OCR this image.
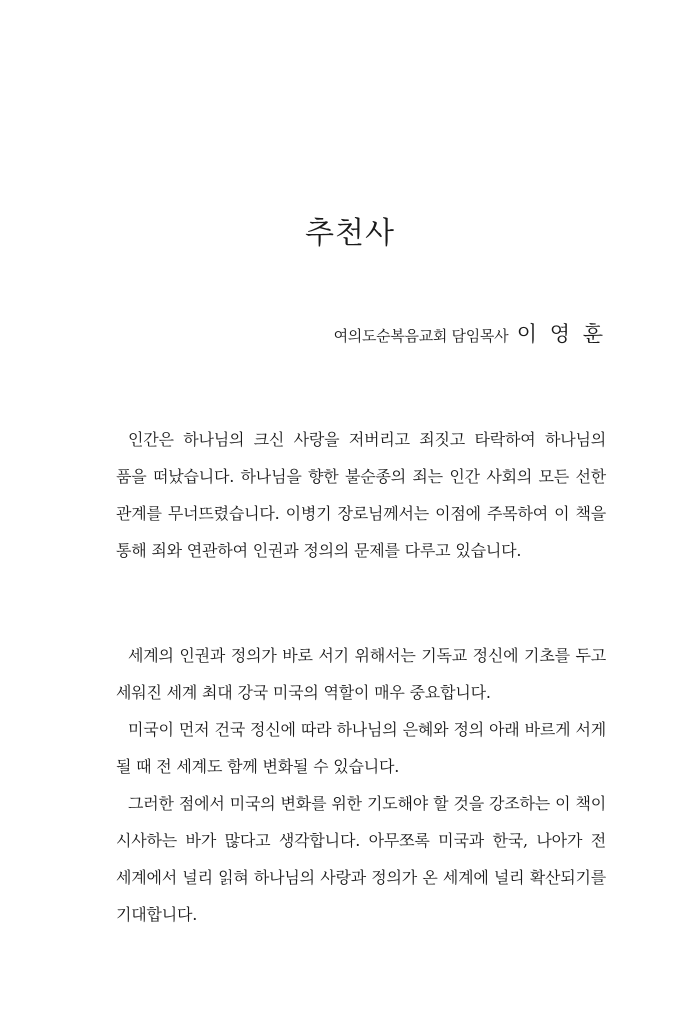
추천사
여의도순복음교회 담임목사 이 영 훈

인간은 하나님의 크신 사랑을 저버리고 죄짓고 타락하여 하나님의 품을 떠났습니다. 하나님을 향한 불순종의 죄는 인간 사회의 모든 선한 관계를 무너뜨렸습니다. 이병기 장로님께서는 이점에 주목하여 이 책을 통해 죄와 연관하여 인권과 정의의 문제를 다루고 있습니다.

세계의 인권과 정의가 바로 서기 위해서는 기독교 정신에 기초를 두고 세워진 세계 최대 강국 미국의 역할이 매우 중요합니다.

미국이 먼저 건국 정신에 따라 하나님의 은혜와 정의 아래 바르게 서게 될 때 전 세계도 함께 변화될 수 있습니다.

그러한 점에서 미국의 변화를 위한 기도해야 할 것을 강조하는 이 책이 시사하는 바가 많다고 생각합니다. 아무쪼록 미국과 한국, 나아가 전 세계에서 널리 읽혀 하나님의 사랑과 정의가 온 세계에 널리 확산되기를 기대합니다.
